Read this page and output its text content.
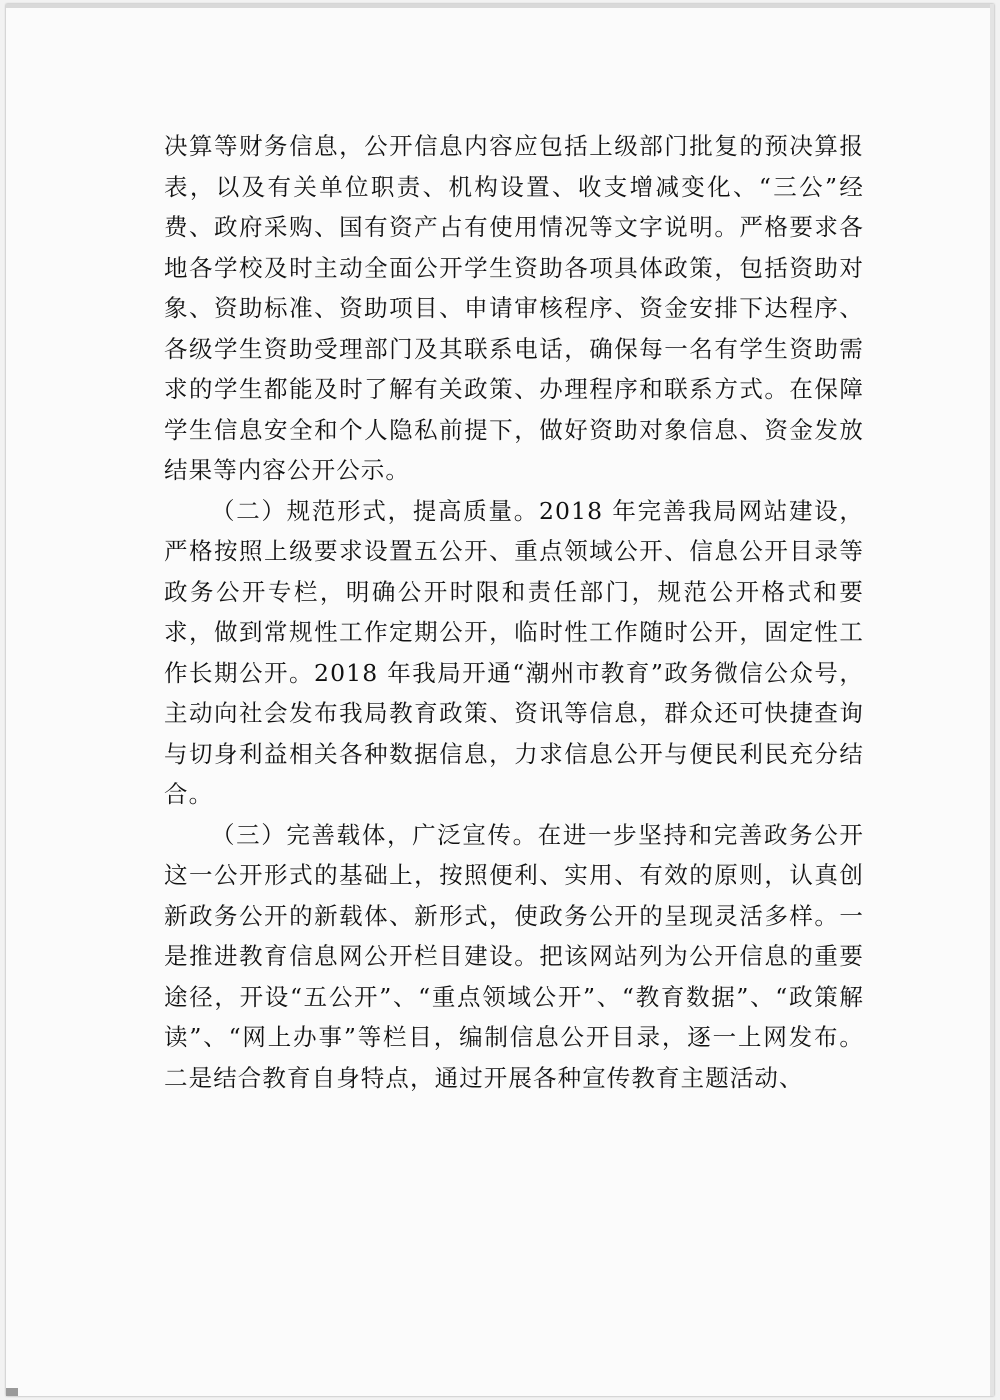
决算等财务信息，公开信息内容应包括上级部门批复的预决算报表，以及有关单位职责、机构设置、收支增减变化、“三公”经费、政府采购、国有资产占有使用情况等文字说明。严格要求各地各学校及时主动全面公开学生资助各项具体政策，包括资助对象、资助标准、资助项目、申请审核程序、资金安排下达程序、各级学生资助受理部门及其联系电话，确保每一名有学生资助需求的学生都能及时了解有关政策、办理程序和联系方式。在保障学生信息安全和个人隐私前提下，做好资助对象信息、资金发放结果等内容公开公示。

（二）规范形式，提高质量。2018 年完善我局网站建设，严格按照上级要求设置五公开、重点领域公开、信息公开目录等政务公开专栏，明确公开时限和责任部门，规范公开格式和要求，做到常规性工作定期公开，临时性工作随时公开，固定性工作长期公开。2018 年我局开通“潮州市教育”政务微信公众号，主动向社会发布我局教育政策、资讯等信息，群众还可快捷查询与切身利益相关各种数据信息，力求信息公开与便民利民充分结合。

（三）完善载体，广泛宣传。在进一步坚持和完善政务公开这一公开形式的基础上，按照便利、实用、有效的原则，认真创新政务公开的新载体、新形式，使政务公开的呈现灵活多样。一是推进教育信息网公开栏目建设。把该网站列为公开信息的重要途径，开设“五公开”、“重点领域公开”、“教育数据”、“政策解读”、“网上办事”等栏目，编制信息公开目录，逐一上网发布。二是结合教育自身特点，通过开展各种宣传教育主题活动、
